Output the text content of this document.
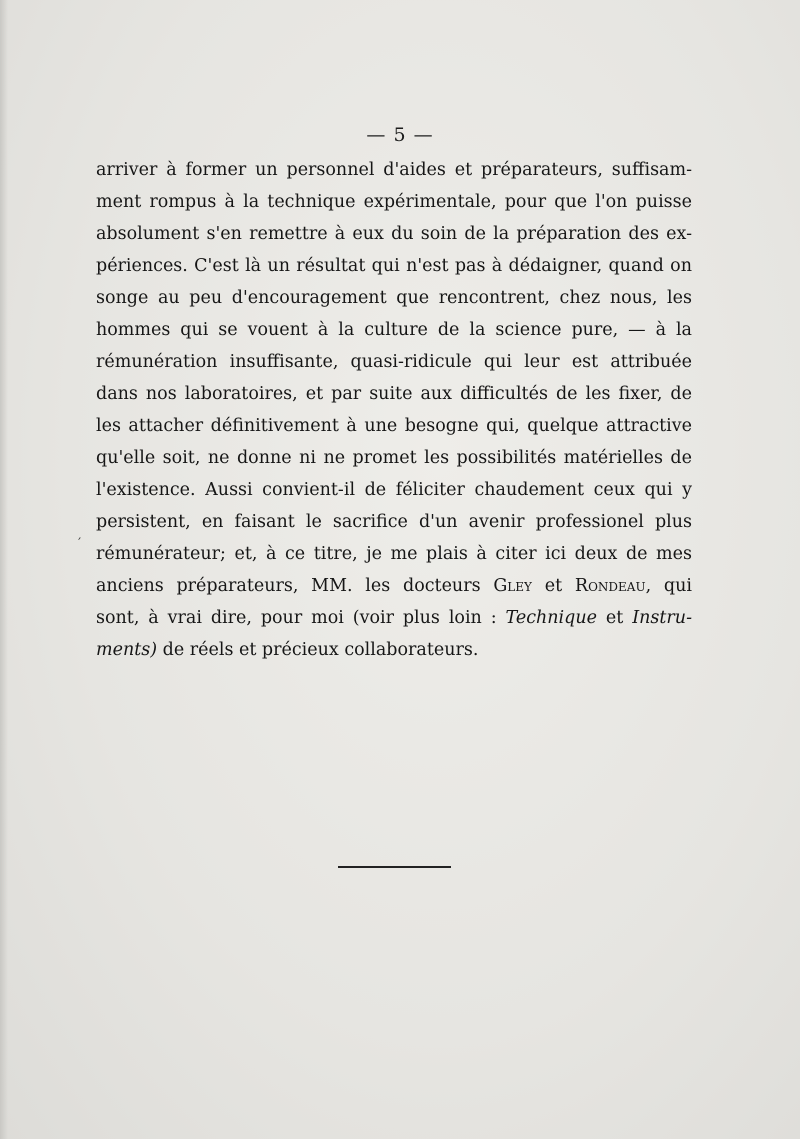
— 5 —
′
arriver à former un personnel d'aides et préparateurs, suffisam-
ment rompus à la technique expérimentale, pour que l'on puisse
absolument s'en remettre à eux du soin de la préparation des ex-
périences. C'est là un résultat qui n'est pas à dédaigner, quand on
songe au peu d'encouragement que rencontrent, chez nous, les
hommes qui se vouent à la culture de la science pure, — à la
rémunération insuffisante, quasi-ridicule qui leur est attribuée
dans nos laboratoires, et par suite aux difficultés de les fixer, de
les attacher définitivement à une besogne qui, quelque attractive
qu'elle soit, ne donne ni ne promet les possibilités matérielles de
l'existence. Aussi convient-il de féliciter chaudement ceux qui y
persistent, en faisant le sacrifice d'un avenir professionel plus
rémunérateur; et, à ce titre, je me plais à citer ici deux de mes
anciens préparateurs, MM. les docteurs Gley et Rondeau, qui
sont, à vrai dire, pour moi (voir plus loin : Technique et Instru-
ments) de réels et précieux collaborateurs.
